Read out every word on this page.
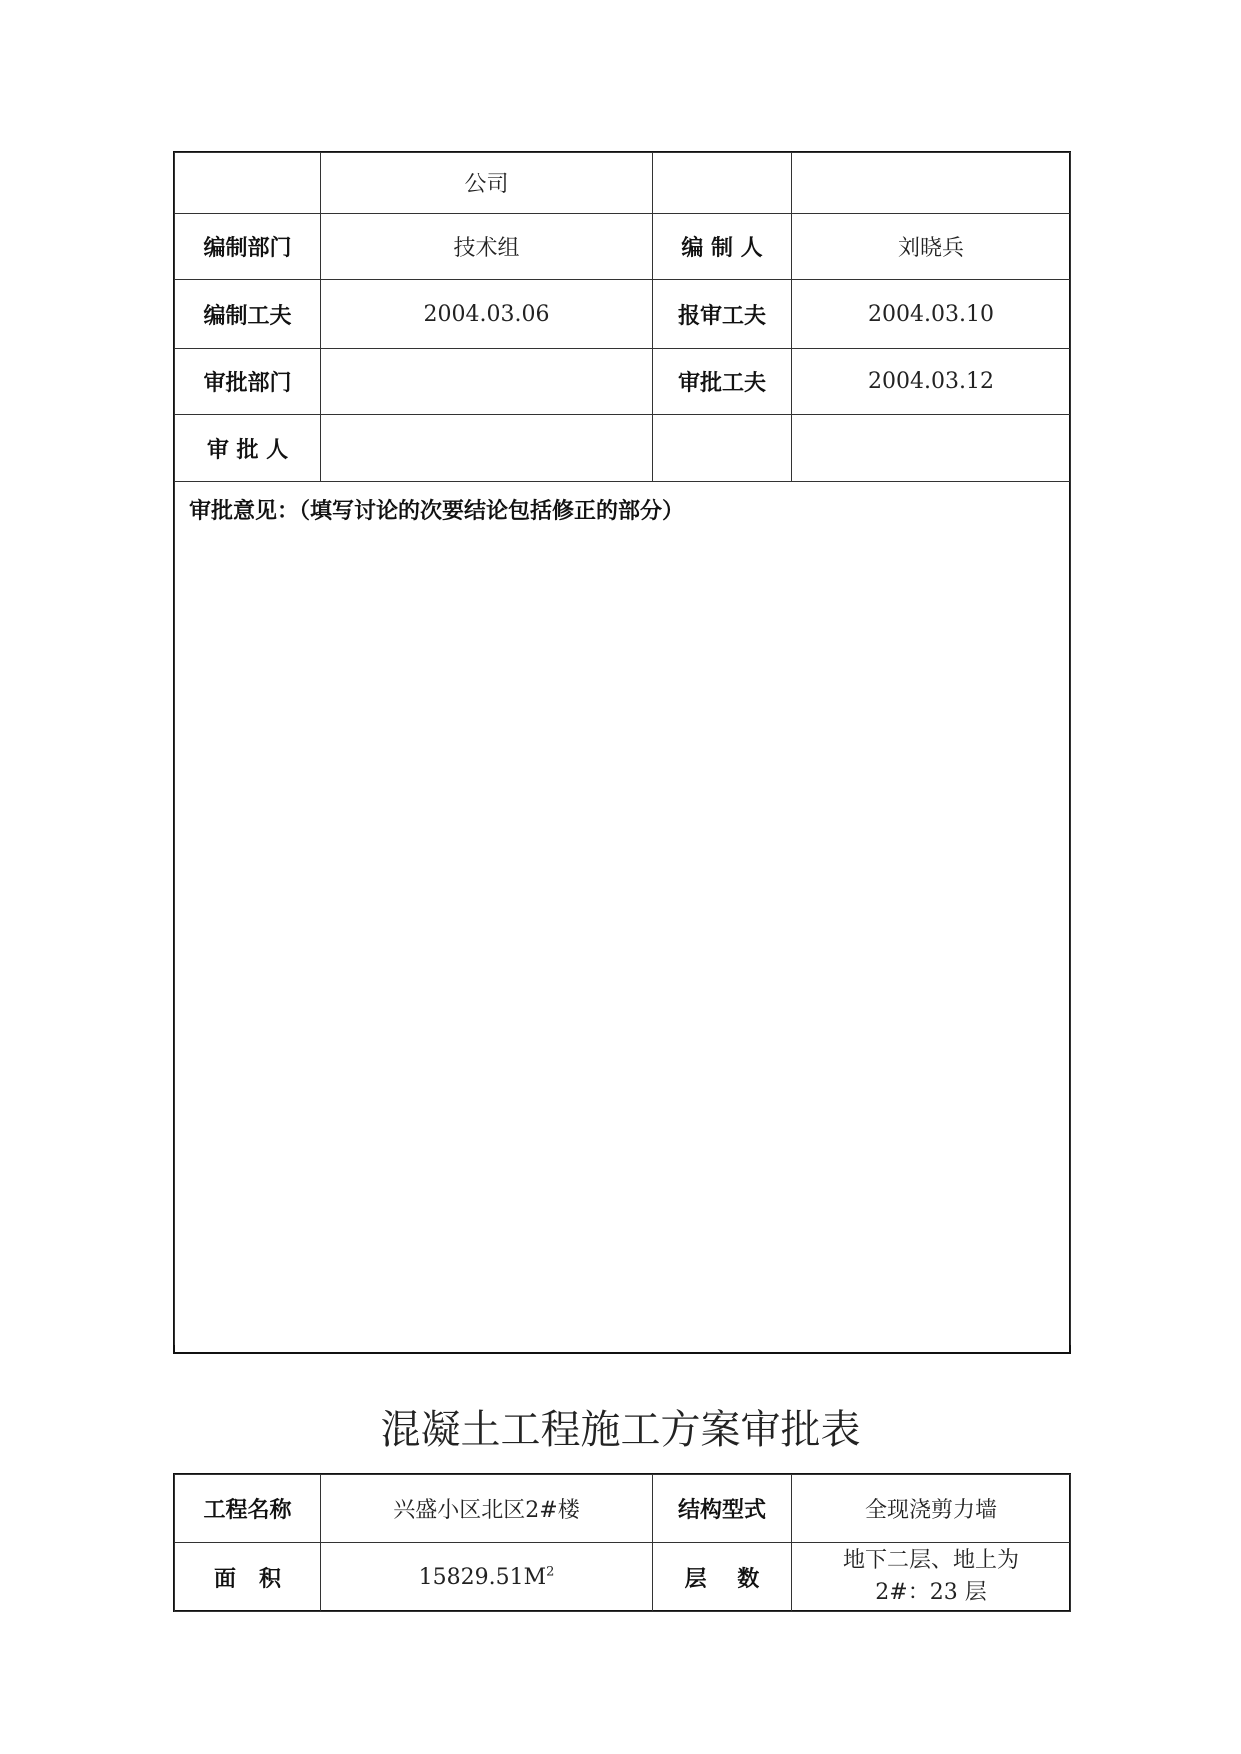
	公司		
编制部门	技术组	编 制 人	刘晓兵
编制工夫	2004.03.06	报审工夫	2004.03.10
审批部门		审批工夫	2004.03.12
审 批 人			

审批意见：（填写讨论的次要结论包括修正的部分）			
混凝土工程施工方案审批表
工程名称	兴盛小区北区2#楼	结构型式	全现浇剪力墙
面   积	$15829.51M^2$	层    数	地下二层、地上为
2#：23 层
